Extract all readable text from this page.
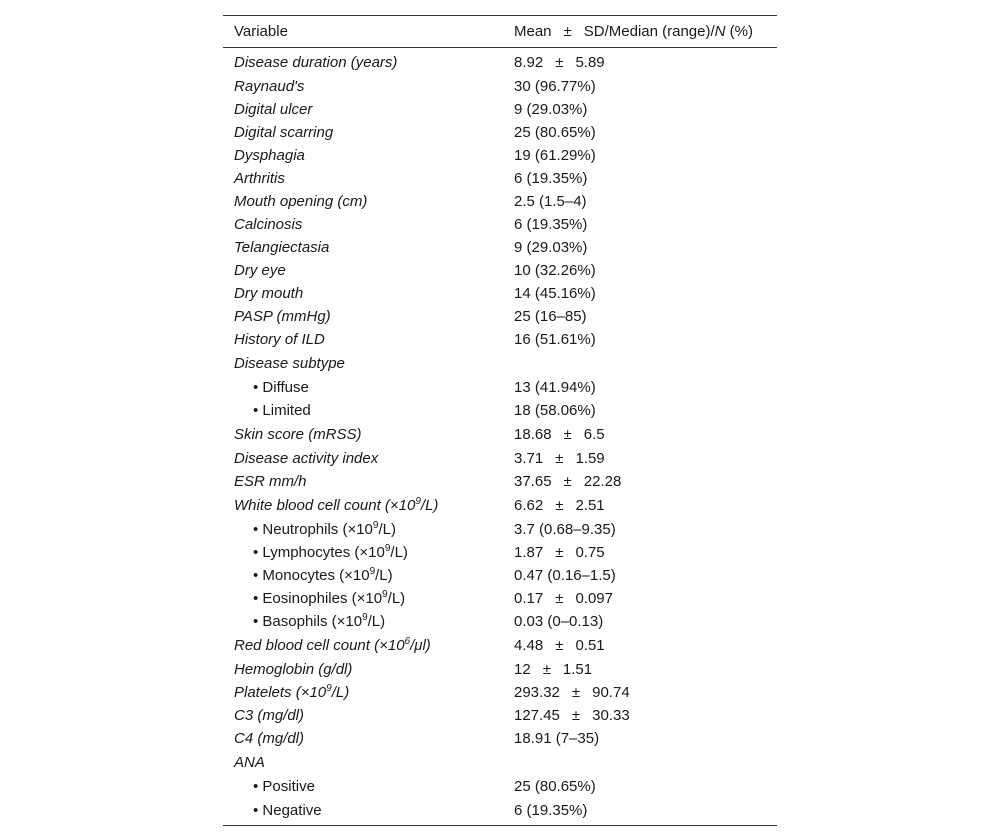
Variable	Mean ± SD/Median (range)/N (%)
Disease duration (years)	8.92 ± 5.89
Raynaud's	30 (96.77%)
Digital ulcer	9 (29.03%)
Digital scarring	25 (80.65%)
Dysphagia	19 (61.29%)
Arthritis	6 (19.35%)
Mouth opening (cm)	2.5 (1.5–4)
Calcinosis	6 (19.35%)
Telangiectasia	9 (29.03%)
Dry eye	10 (32.26%)
Dry mouth	14 (45.16%)
PASP (mmHg)	25 (16–85)
History of ILD	16 (51.61%)
Disease subtype	
• Diffuse	13 (41.94%)
• Limited	18 (58.06%)
Skin score (mRSS)	18.68 ± 6.5
Disease activity index	3.71 ± 1.59
ESR mm/h	37.65 ± 22.28
White blood cell count $(\times 10^9/L)$	6.62 ± 2.51
• Neutrophils $(\times 10^9/L)$	3.7 (0.68–9.35)
• Lymphocytes $(\times 10^9/L)$	1.87 ± 0.75
• Monocytes $(\times 10^9/L)$	0.47 (0.16–1.5)
• Eosinophiles $(\times 10^9/L)$	0.17 ± 0.097
• Basophils $(\times 10^9/L)$	0.03 (0–0.13)
Red blood cell count $(\times 10^6/\mu l)$	4.48 ± 0.51
Hemoglobin (g/dl)	12 ± 1.51
Platelets $(\times 10^9/L)$	293.32 ± 90.74
C3 (mg/dl)	127.45 ± 30.33
C4 (mg/dl)	18.91 (7–35)
ANA	
• Positive	25 (80.65%)
• Negative	6 (19.35%)
